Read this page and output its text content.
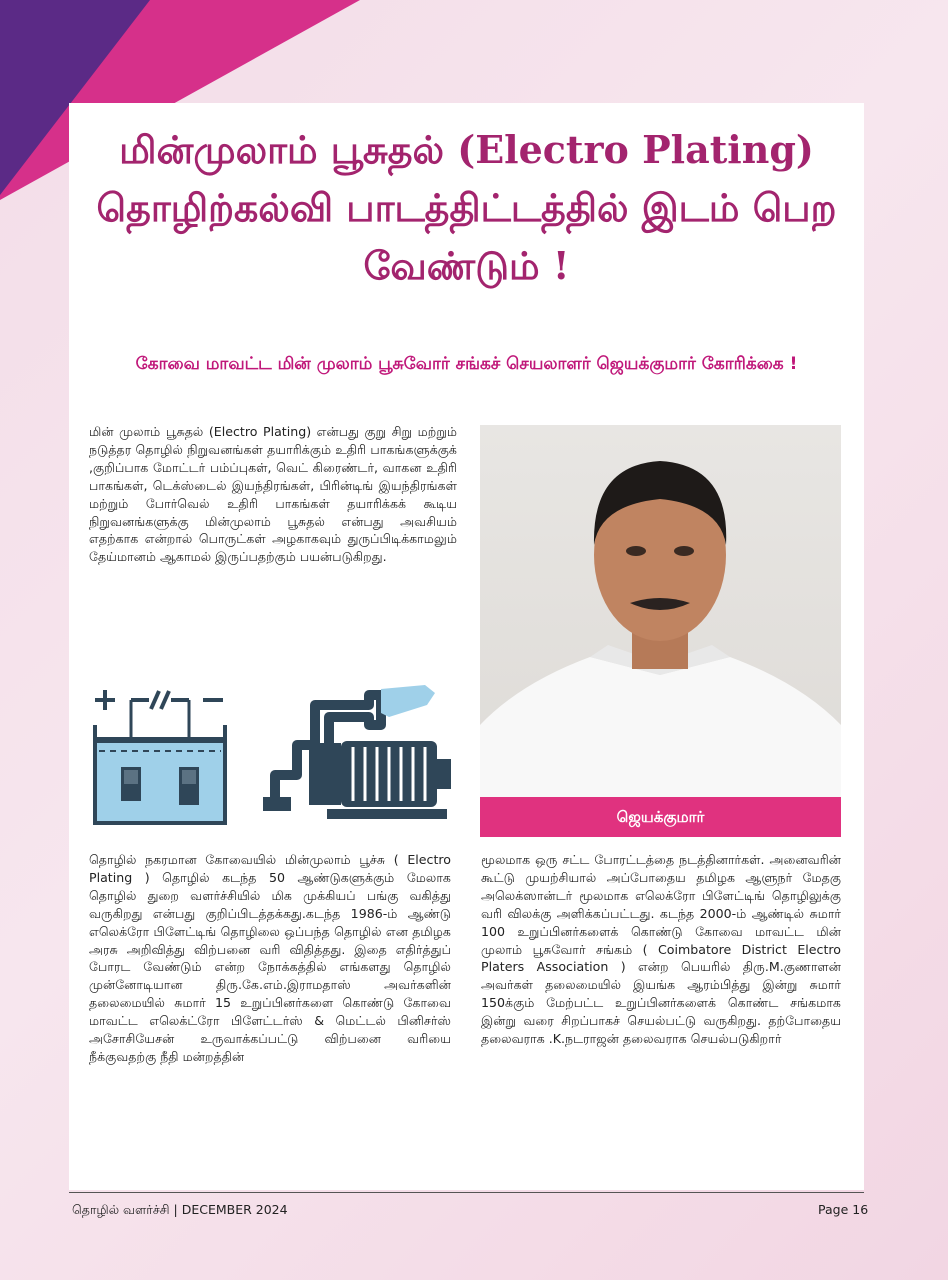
மின்முலாம் பூசுதல் (Electro Plating) தொழிற்கல்வி பாடத்திட்டத்தில் இடம் பெற வேண்டும் !
கோவை மாவட்ட மின் முலாம் பூசுவோர் சங்கச் செயலாளர் ஜெயக்குமார் கோரிக்கை !

மின் முலாம் பூசுதல் (Electro Plating) என்பது குறு சிறு மற்றும் நடுத்தர தொழில் நிறுவனங்கள் தயாரிக்கும் உதிரி பாகங்களுக்குக் ,குறிப்பாக மோட்டர் பம்ப்புகள், வெட் கிரைண்டர், வாகன உதிரி பாகங்கள், டெக்ஸ்டைல் இயந்திரங்கள், பிரின்டிங் இயந்திரங்கள் மற்றும் போர்வெல் உதிரி பாகங்கள் தயாரிக்கக் கூடிய நிறுவனங்களுக்கு மின்முலாம் பூசுதல் என்பது அவசியம் எதற்காக என்றால் பொருட்கள் அழகாகவும் துருப்பிடிக்காமலும் தேய்மானம் ஆகாமல் இருப்பதற்கும் பயன்படுகிறது.

ஜெயக்குமார்

தொழில் நகரமான கோவையில் மின்முலாம் பூச்சு ( Electro Plating ) தொழில் கடந்த 50 ஆண்டுகளுக்கும் மேலாக தொழில் துறை வளர்ச்சியில் மிக முக்கியப் பங்கு வகித்து வருகிறது என்பது குறிப்பிடத்தக்கது.கடந்த 1986-ம் ஆண்டு எலெக்ரோ பிளேட்டிங் தொழிலை ஒப்பந்த தொழில் என தமிழக அரசு அறிவித்து விற்பனை வரி விதித்தது. இதை எதிர்த்துப் போரட வேண்டும் என்ற நோக்கத்தில் எங்களது தொழில் முன்னோடியான திரு.கே.எம்.இராமதாஸ் அவர்களின் தலைமையில் சுமார் 15 உறுப்பினர்களை கொண்டு கோவை மாவட்ட எலெக்ட்ரோ பிளேட்டர்ஸ் & மெட்டல் பினிசர்ஸ் அசோசியேசன் உருவாக்கப்பட்டு விற்பனை வரியை நீக்குவதற்கு நீதி மன்றத்தின்

மூலமாக ஒரு சட்ட போரட்டத்தை நடத்தினார்கள். அனைவரின் கூட்டு முயற்சியால் அப்போதைய தமிழக ஆளுநர் மேதகு அலெக்ஸான்டர் மூலமாக எலெக்ரோ பிளேட்டிங் தொழிலுக்கு வரி விலக்கு அளிக்கப்பட்டது. கடந்த 2000-ம் ஆண்டில் சுமார் 100 உறுப்பினர்களைக் கொண்டு கோவை மாவட்ட மின் முலாம் பூசுவோர் சங்கம் ( Coimbatore District Electro Platers Association ) என்ற பெயரில் திரு.M.குணாளன் அவர்கள் தலைமையில் இயங்க ஆரம்பித்து இன்று சுமார் 150க்கும் மேற்பட்ட உறுப்பினர்களைக் கொண்ட சங்கமாக இன்று வரை சிறப்பாகச் செயல்பட்டு வருகிறது. தற்போதைய தலைவராக .K.நடராஜன் தலைவராக செயல்படுகிறார்

தொழில் வளர்ச்சி | DECEMBER 2024	Page 16
